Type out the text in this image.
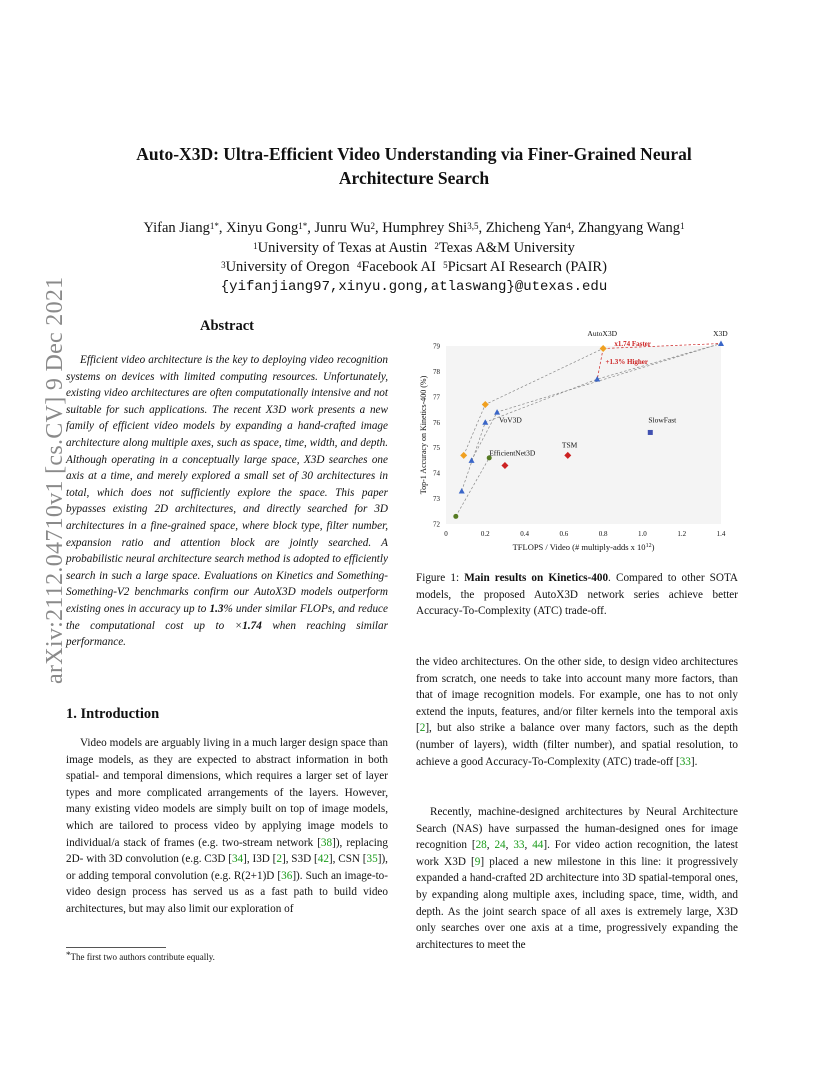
Auto-X3D: Ultra-Efficient Video Understanding via Finer-Grained Neural
Architecture Search
Yifan Jiang$^{1*}$, Xinyu Gong$^{1*}$, Junru Wu$^2$, Humphrey Shi$^{3,5}$, Zhicheng Yan$^4$, Zhangyang Wang$^1$
$^1$University of Texas at Austin $^2$Texas A&M University
$^3$University of Oregon $^4$Facebook AI $^5$Picsart AI Research (PAIR)
{yifanjiang97,xinyu.gong,atlaswang}@utexas.edu
arXiv:2112.04710v1 [cs.CV] 9 Dec 2021	Abstract
Efficient video architecture is the key to deploying video recognition systems on devices with limited computing resources. Unfortunately, existing video architectures are often computationally intensive and not suitable for such applications. The recent X3D work presents a new family of efficient video models by expanding a hand-crafted image architecture along multiple axes, such as space, time, width, and depth. Although operating in a conceptually large space, X3D searches one axis at a time, and merely explored a small set of 30 architectures in total, which does not sufficiently explore the space. This paper bypasses existing 2D architectures, and directly searched for 3D architectures in a fine-grained space, where block type, filter number, expansion ratio and attention block are jointly searched. A probabilistic neural architecture search method is adopted to efficiently search in such a large space. Evaluations on Kinetics and Something-Something-V2 benchmarks confirm our AutoX3D models outperform existing ones in accuracy up to 1.3% under similar FLOPs, and reduce the computational cost up to ×1.74 when reaching similar performance.
1. Introduction
Video models are arguably living in a much larger design space than image models, as they are expected to abstract information in both spatial- and temporal dimensions, which requires a larger set of layer types and more complicated arrangements of the layers. However, many existing video models are simply built on top of image models, which are tailored to process video by applying image models to individual/a stack of frames (e.g. two-stream network [38]), replacing 2D- with 3D convolution (e.g. C3D [34], I3D [2], S3D [42], CSN [35]), or adding temporal convolution (e.g. R(2+1)D [36]). Such an image-to-video design process has served us as a fast path to build video architectures, but may also limit our exploration of
*The first two authors contribute equally.
0	0.2	0.4	0.6	0.8	1.0	1.2	1.4
72
73
74
75
76
77
78
79
TFLOPS / Video (# multiply-adds x $10^{12}$)
Top-1 Accuracy on Kinetics-400 (%)
AutoX3D	X3D
VoV3D
TSM
EfficientNet3D
SlowFast
x1.74 Faster
+1.3% Higher
Figure 1: Main results on Kinetics-400. Compared to other SOTA models, the proposed AutoX3D network series achieve better Accuracy-To-Complexity (ATC) trade-off.
the video architectures. On the other side, to design video architectures from scratch, one needs to take into account many more factors, than that of image recognition models. For example, one has to not only extend the inputs, features, and/or filter kernels into the temporal axis [2], but also strike a balance over many factors, such as the depth (number of layers), width (filter number), and spatial resolution, to achieve a good Accuracy-To-Complexity (ATC) trade-off [33].
Recently, machine-designed architectures by Neural Architecture Search (NAS) have surpassed the human-designed ones for image recognition [28, 24, 33, 44]. For video action recognition, the latest work X3D [9] placed a new milestone in this line: it progressively expanded a hand-crafted 2D architecture into 3D spatial-temporal ones, by expanding along multiple axes, including space, time, width, and depth. As the joint search space of all axes is extremely large, X3D only searches over one axis at a time, progressively expanding the architectures to meet the
